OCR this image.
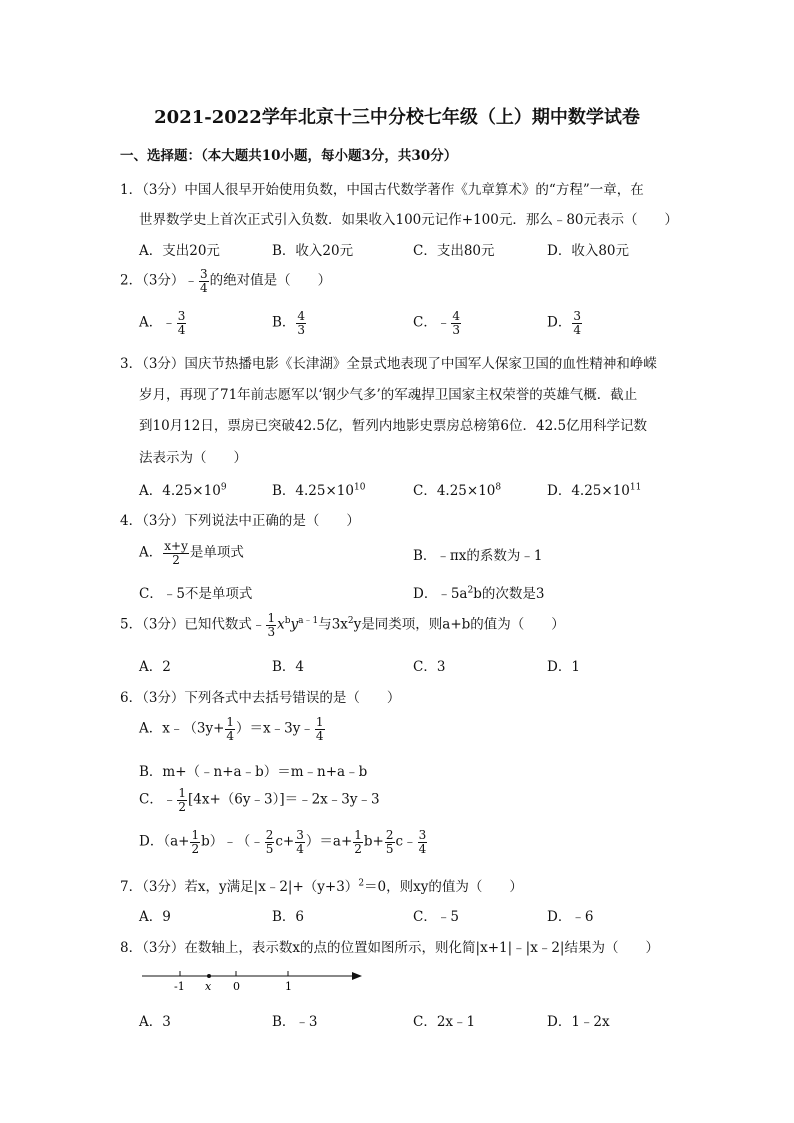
2021-2022学年北京十三中分校七年级（上）期中数学试卷
一、选择题：（本大题共10小题，每小题3分，共30分）
1．（3分）中国人很早开始使用负数，中国古代数学著作《九章算术》的“方程”一章，在
世界数学史上首次正式引入负数．如果收入100元记作+100元．那么﹣80元表示（　　）
A．支出20元	B．收入20元	C．支出80元	D．收入80元
2．（3分）﹣ $\frac{3}{4}$ 的绝对值是（　　）
A．﹣ $\frac{3}{4}$	B． $\frac{4}{3}$	C．﹣ $\frac{4}{3}$	D． $\frac{3}{4}$
3．（3分）国庆节热播电影《长津湖》全景式地表现了中国军人保家卫国的血性精神和峥嵘
岁月，再现了71年前志愿军以‘钢少气多’的军魂捍卫国家主权荣誉的英雄气概．截止
到10月12日，票房已突破42.5亿，暂列内地影史票房总榜第6位．42.5亿用科学记数
法表示为（　　）
A．$4.25\times 10^9$	B．$4.25\times 10^{10}$	C．$4.25\times 10^8$	D．$4.25\times 10^{11}$
4．（3分）下列说法中正确的是（　　）
A． $\frac{x+y}{2}$ 是单项式	B．﹣πx的系数为﹣1
C．﹣5不是单项式	D．$﹣5a^2b$的次数是3
5．（3分）已知代数式﹣ $\frac{1}{3} x^by^{a﹣1}$与$3x^2y$是同类项，则a+b的值为（　　）
A．2	B．4	C．3	D．1
6．（3分）下列各式中去括号错误的是（　　）
A．x﹣（3y+ $\frac{1}{4}$ ）＝x﹣3y﹣ $\frac{1}{4}$
B．m+（﹣n+a﹣b）＝m﹣n+a﹣b
C．﹣ $\frac{1}{2}$ [4x+（6y﹣3）]＝﹣2x﹣3y﹣3
D．（$a+ \frac{1}{2}$ b）﹣（﹣ $\frac{2}{5} c+ \frac{3}{4} )=a+ \frac{1}{2} b+ \frac{2}{5}$ c﹣ $\frac{3}{4}$
7．（3分）若x，y满足$|x﹣2|+(y+3)^2=0$，则xy的值为（　　）
A．9	B．6	C．﹣5	D．﹣6
8．（3分）在数轴上，表示数x的点的位置如图所示，则化简|x+1|﹣|x﹣2|结果为（　　）
-1 x 0	1
A．3	B．﹣3	C．2x﹣1	D．1﹣2x
